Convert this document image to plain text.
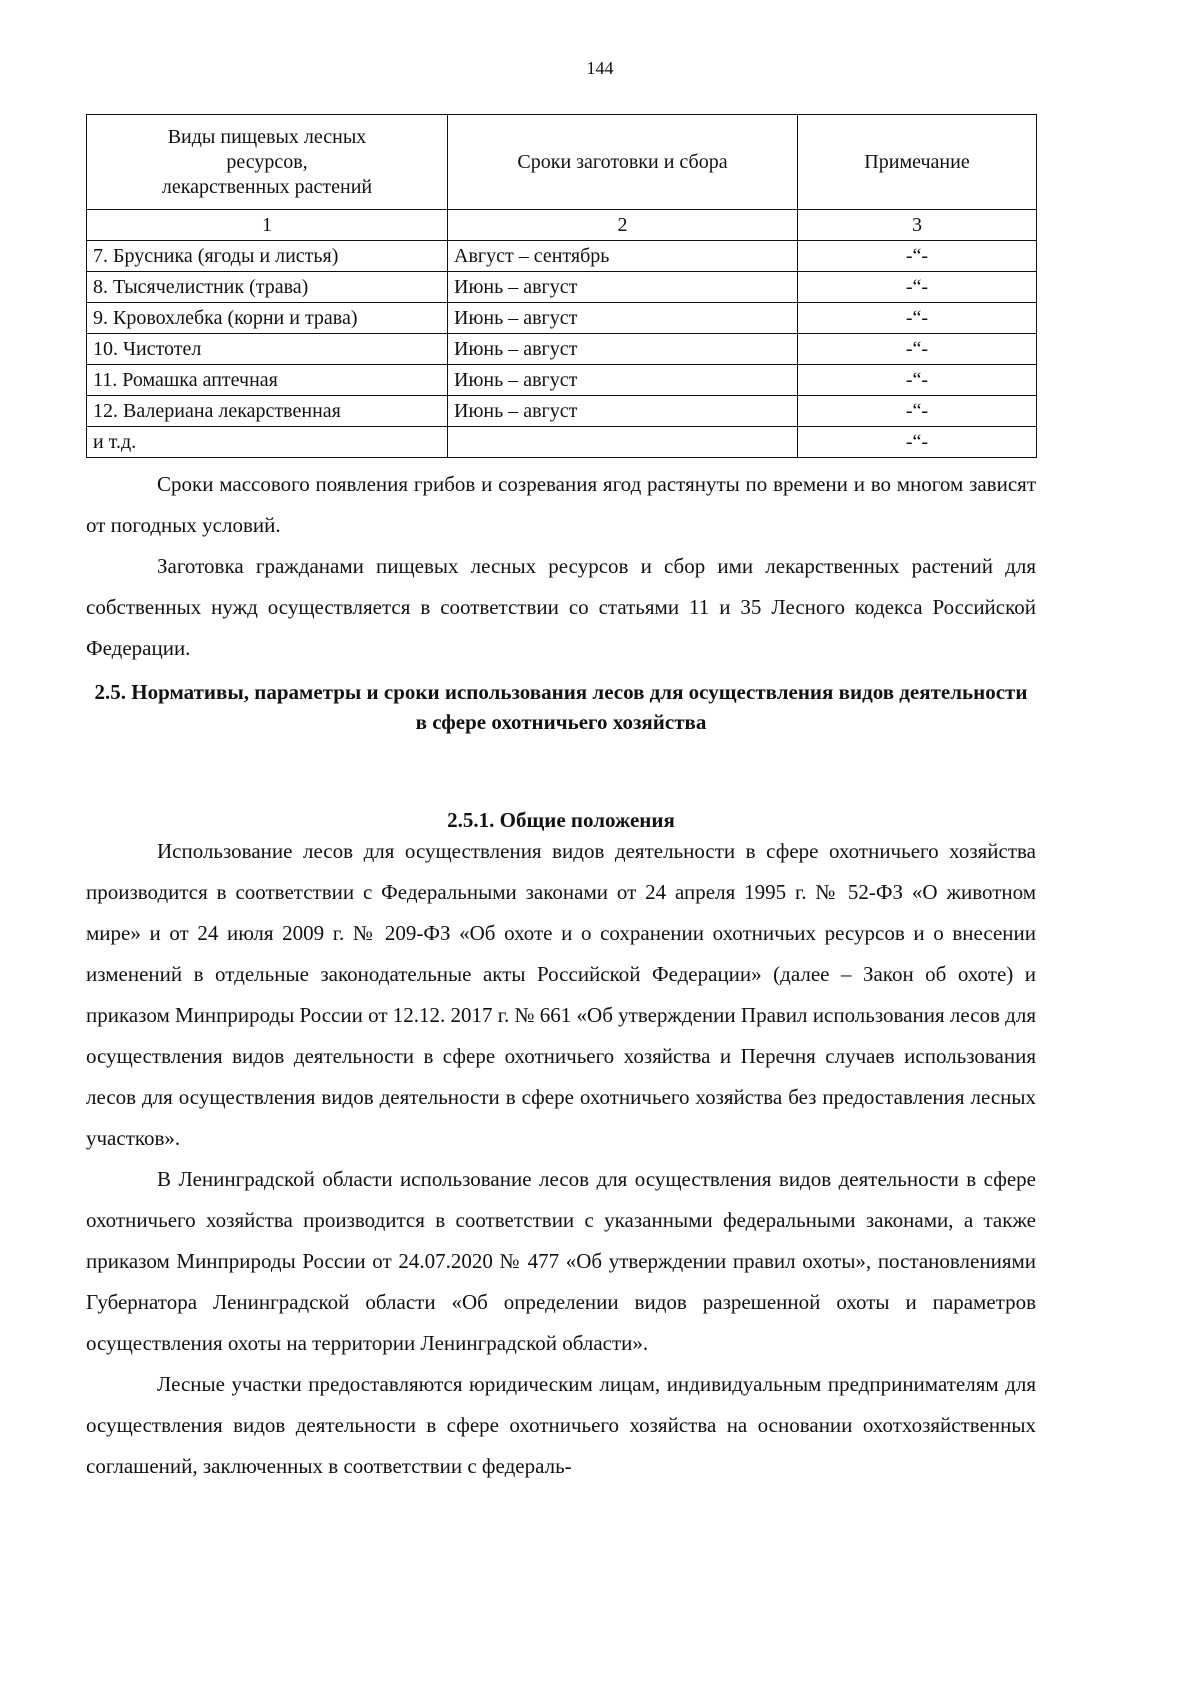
144
Виды пищевых лесных
ресурсов,
лекарственных растений	Сроки заготовки и сбора	Примечание

1	2	3
7. Брусника (ягоды и листья)	Август – сентябрь	-“-
8. Тысячелистник (трава)	Июнь – август	-“-
9. Кровохлебка (корни и трава)	Июнь – август	-“-
10. Чистотел	Июнь – август	-“-
11. Ромашка аптечная	Июнь – август	-“-
12. Валериана лекарственная	Июнь – август	-“-
и т.д.		-“-

Сроки массового появления грибов и созревания ягод растянуты по времени и во многом зависят от погодных условий.

Заготовка гражданами пищевых лесных ресурсов и сбор ими лекарственных растений для собственных нужд осуществляется в соответствии со статьями 11 и 35 Лесного кодекса Российской Федерации.

2.5. Нормативы, параметры и сроки использования лесов для осуществления видов деятельности в сфере охотничьего хозяйства
2.5.1. Общие положения

Использование лесов для осуществления видов деятельности в сфере охотничьего хозяйства производится в соответствии с Федеральными законами от 24 апреля 1995 г. № 52-ФЗ «О животном мире» и от 24 июля 2009 г. № 209-ФЗ «Об охоте и о сохранении охотничьих ресурсов и о внесении изменений в отдельные законодательные акты Российской Федерации» (далее – Закон об охоте) и приказом Минприроды России от 12.12. 2017 г. № 661 «Об утверждении Правил использования лесов для осуществления видов деятельности в сфере охотничьего хозяйства и Перечня случаев использования лесов для осуществления видов деятельности в сфере охотничьего хозяйства без предоставления лесных участков».

В Ленинградской области использование лесов для осуществления видов деятельности в сфере охотничьего хозяйства производится в соответствии с указанными федеральными законами, а также приказом Минприроды России от 24.07.2020 № 477 «Об утверждении правил охоты», постановлениями Губернатора Ленинградской области «Об определении видов разрешенной охоты и параметров осуществления охоты на территории Ленинградской области».

Лесные участки предоставляются юридическим лицам, индивидуальным предпринимателям для осуществления видов деятельности в сфере охотничьего хозяйства на основании охотхозяйственных соглашений, заключенных в соответствии с федераль-
